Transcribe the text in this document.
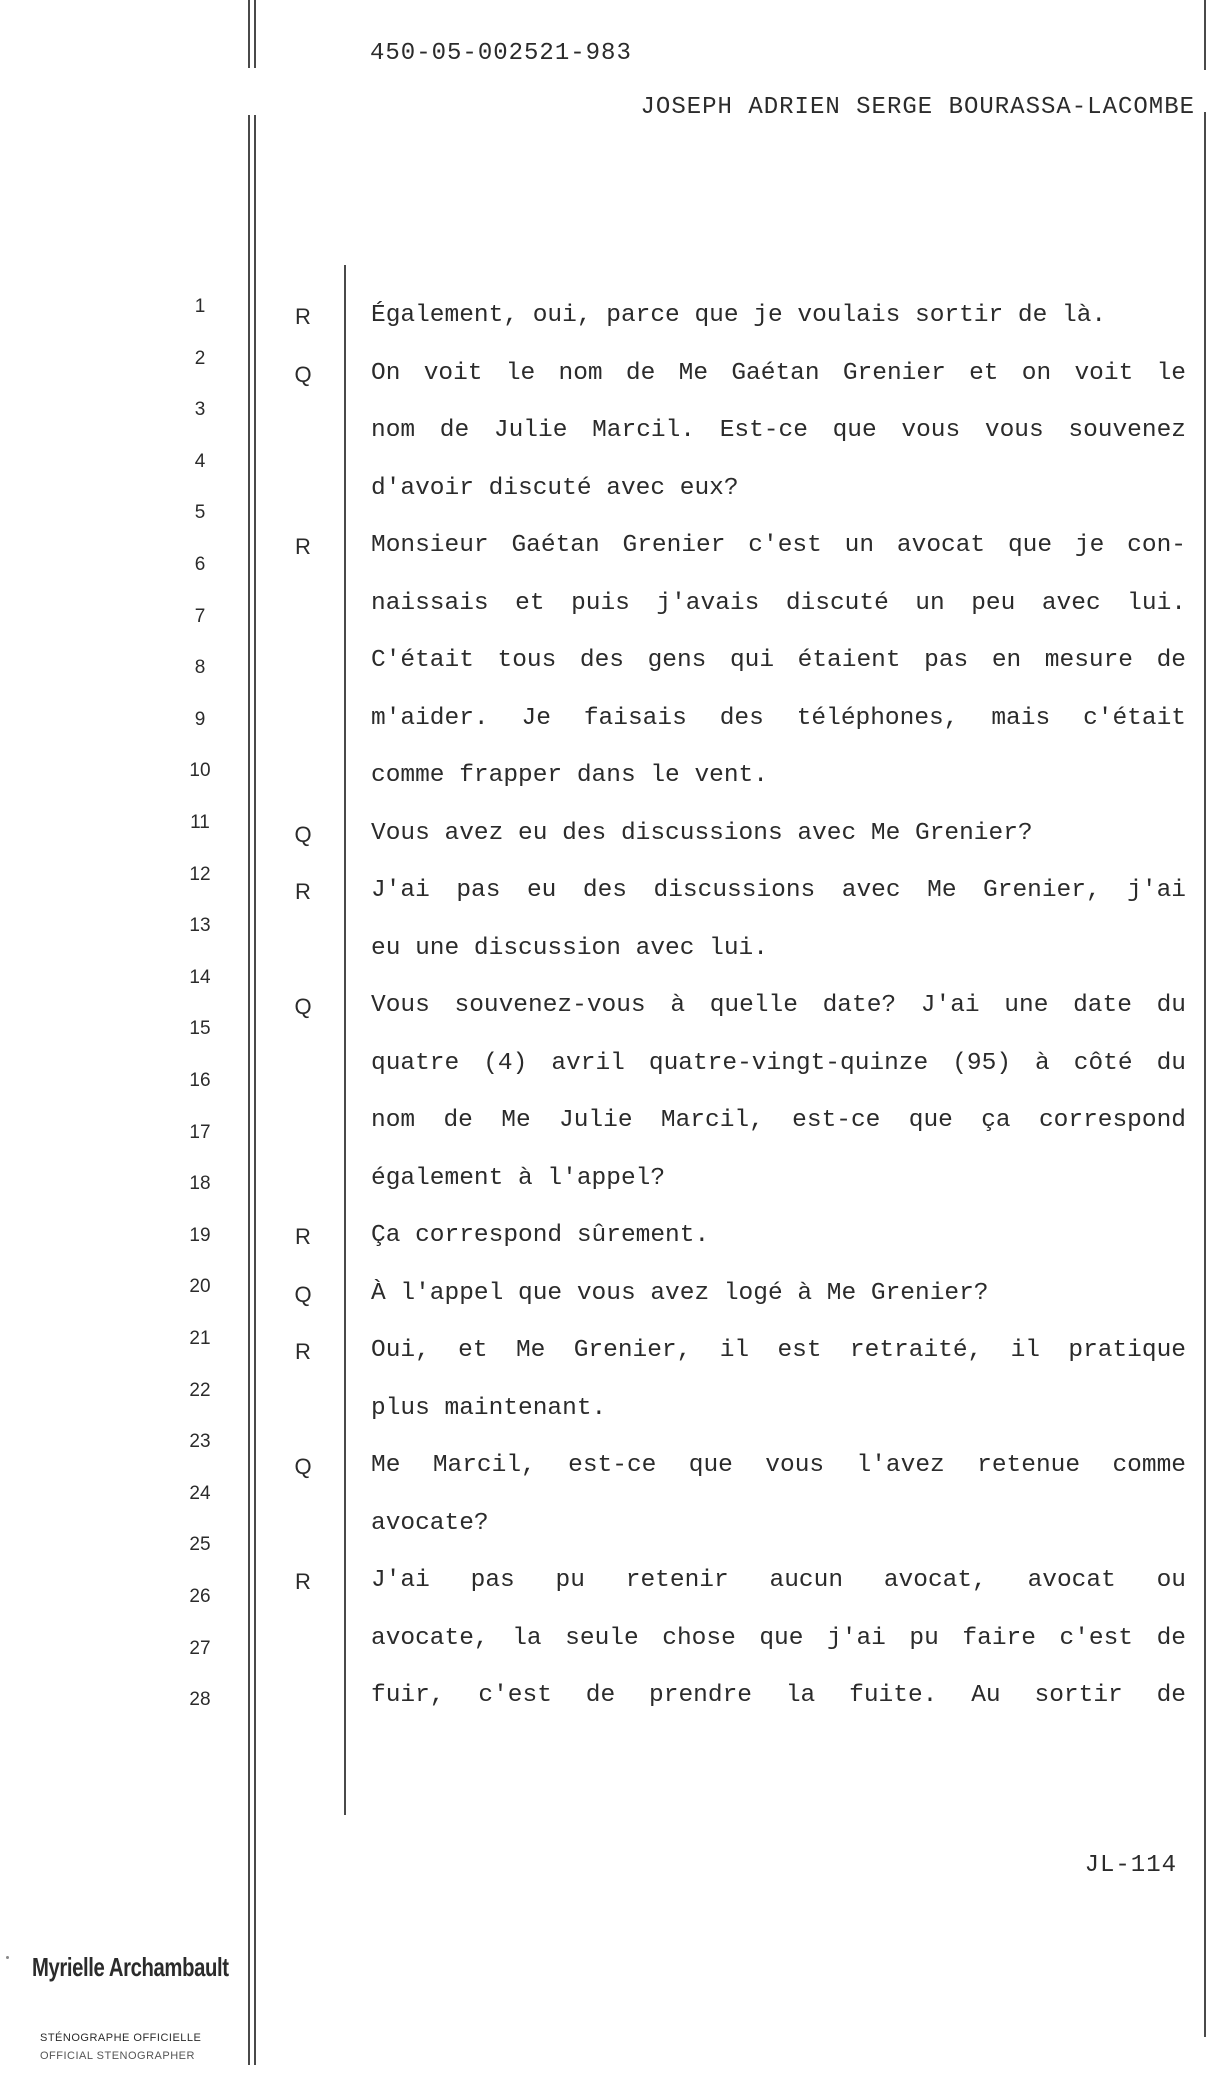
450-05-002521-983
JOSEPH ADRIEN SERGE BOURASSA-LACOMBE
1
2
3
4
5
6
7
8
9
10
11
12
13
14
15
16
17
18
19
20
21
22
23
24
25
26
27
28
R	Également, oui, parce que je voulais sortir de là.
Q	On voit le nom de Me Gaétan Grenier et on voit le
nom de Julie Marcil. Est-ce que vous vous souvenez
d'avoir discuté avec eux?
R	Monsieur Gaétan Grenier c'est un avocat que je con-
naissais et puis j'avais discuté un peu avec lui.
C'était tous des gens qui étaient pas en mesure de
m'aider. Je faisais des téléphones, mais c'était
comme frapper dans le vent.
Q	Vous avez eu des discussions avec Me Grenier?
R	J'ai pas eu des discussions avec Me Grenier, j'ai
eu une discussion avec lui.
Q	Vous souvenez-vous à quelle date? J'ai une date du
quatre (4) avril quatre-vingt-quinze (95) à côté du
nom de Me Julie Marcil, est-ce que ça correspond
également à l'appel?
R	Ça correspond sûrement.
Q	À l'appel que vous avez logé à Me Grenier?
R	Oui, et Me Grenier, il est retraité, il pratique
plus maintenant.
Q	Me Marcil, est-ce que vous l'avez retenue comme
avocate?
R	J'ai pas pu retenir aucun avocat, avocat ou
avocate, la seule chose que j'ai pu faire c'est de
fuir, c'est de prendre la fuite. Au sortir de
JL-114
Myrielle Archambault
STÉNOGRAPHE OFFICIELLE
OFFICIAL STENOGRAPHER
